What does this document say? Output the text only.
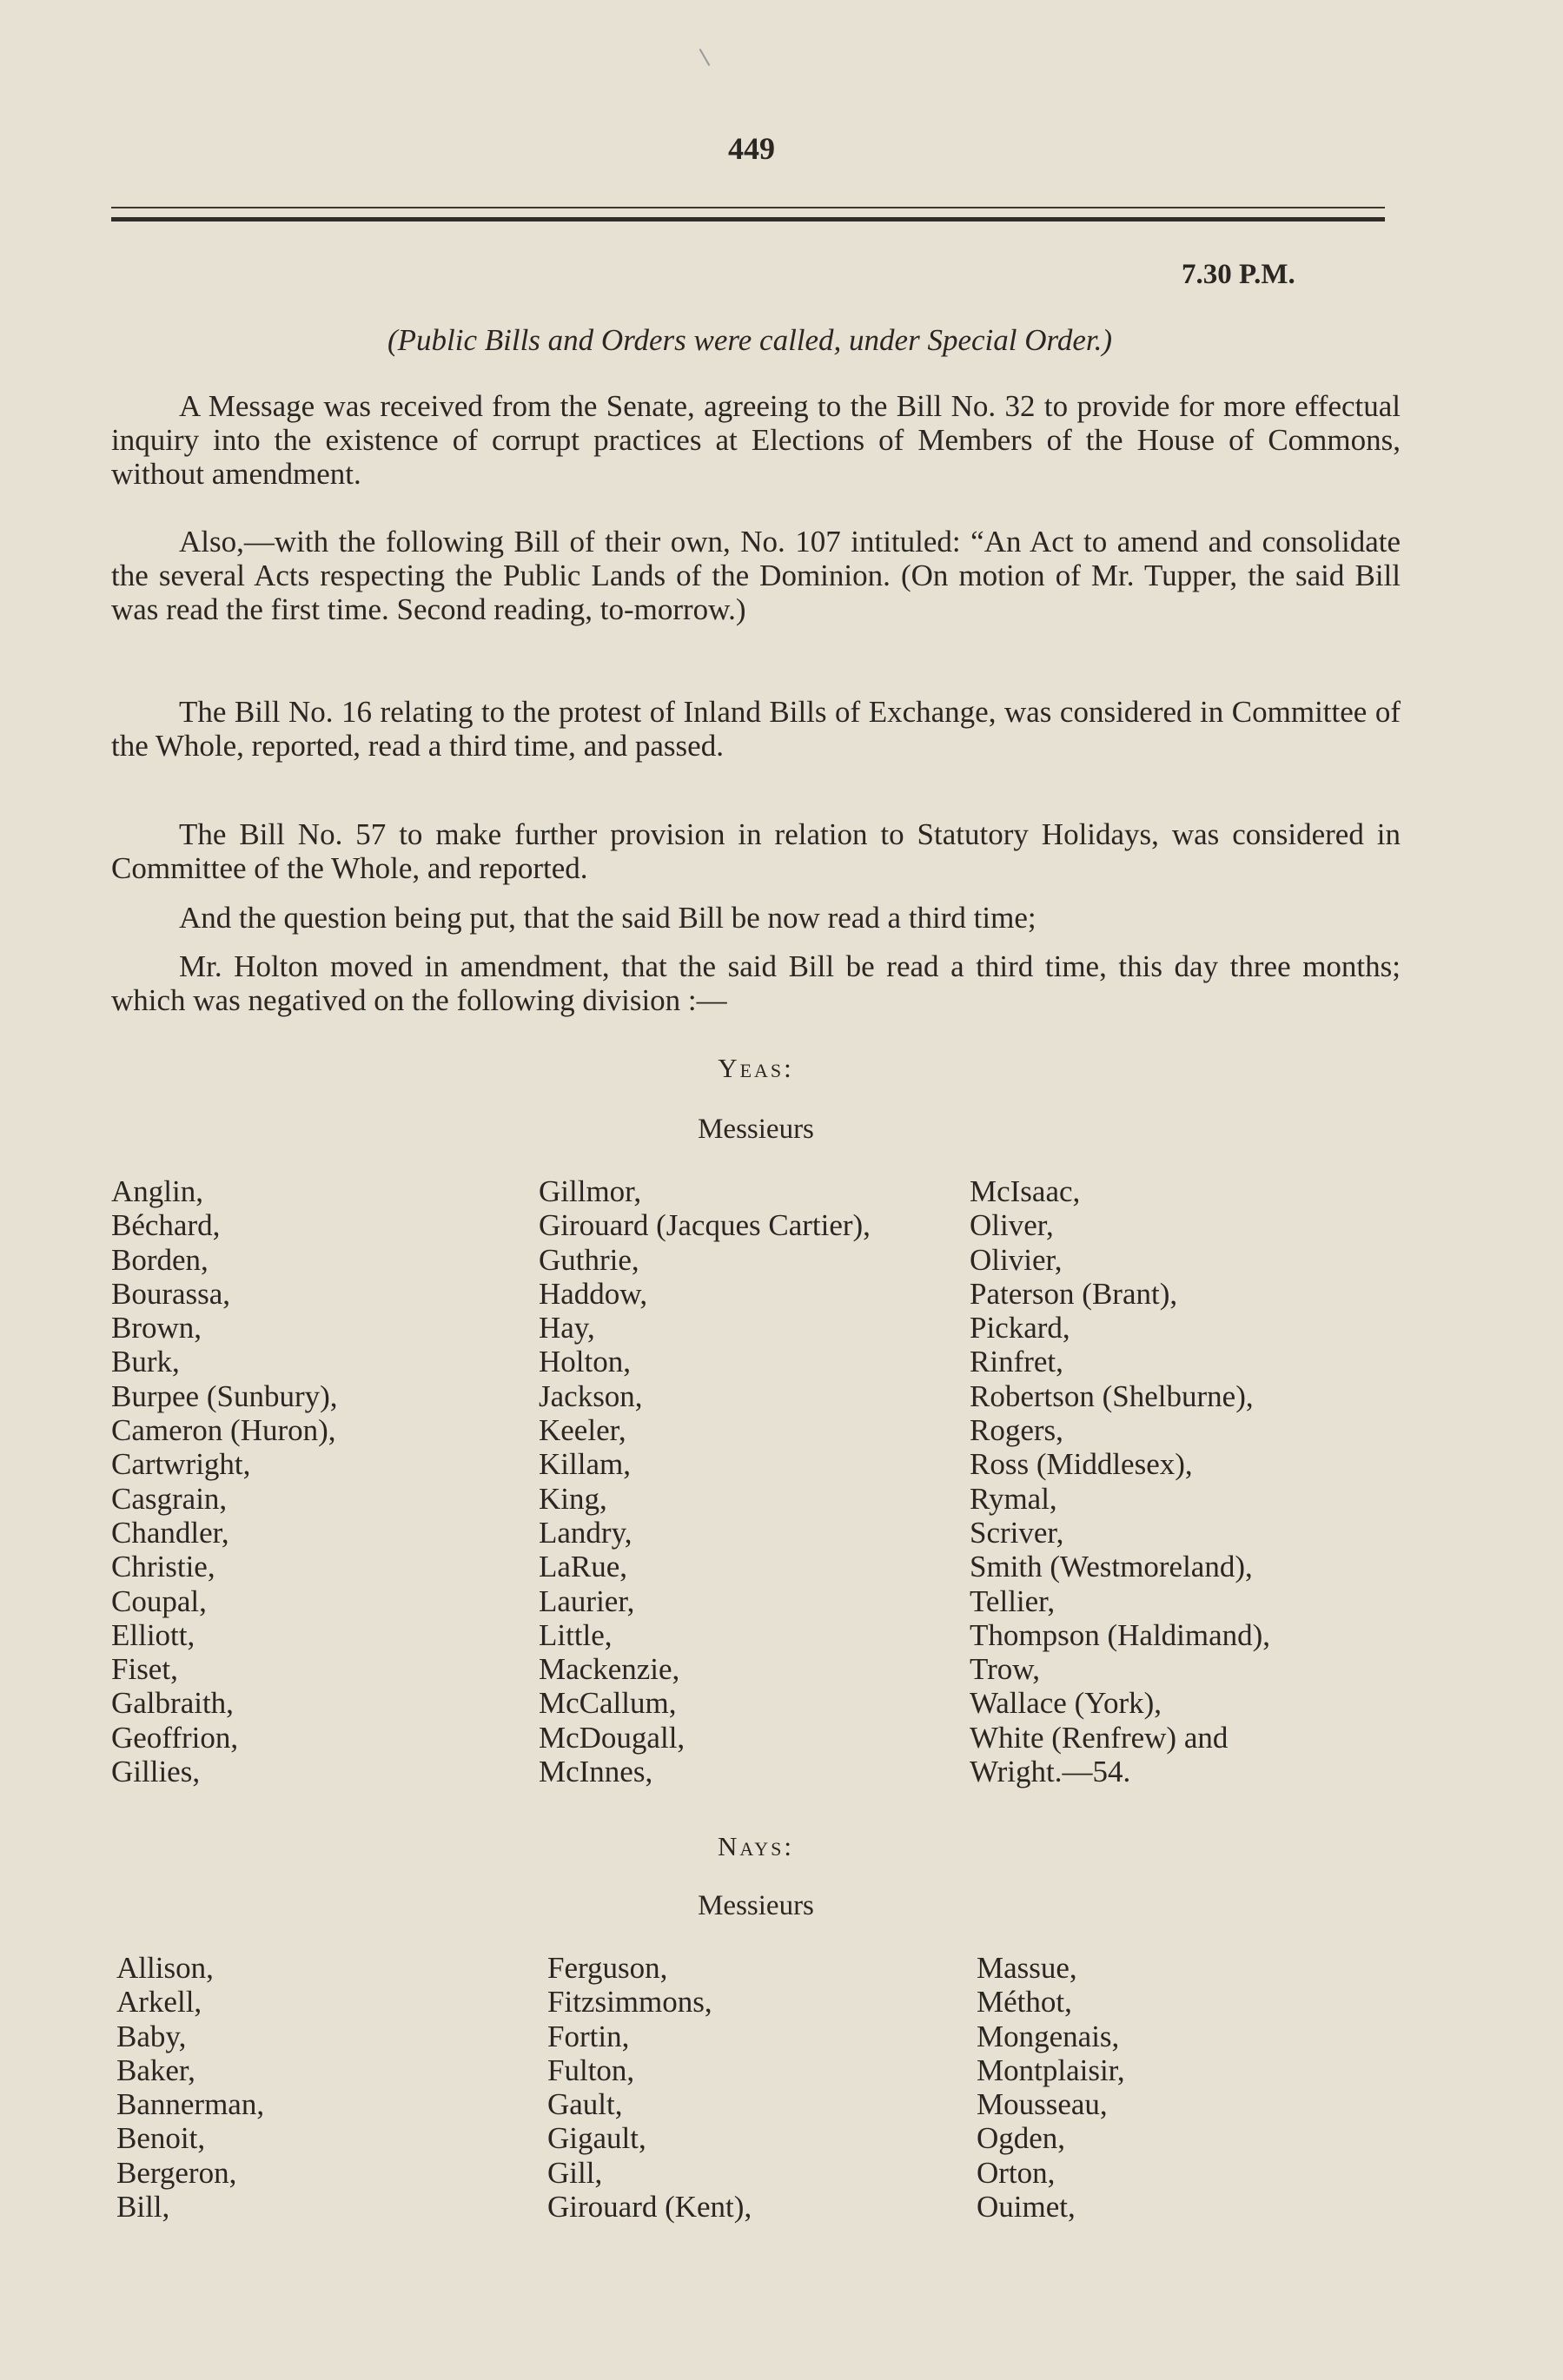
449
7.30 P.M.
(Public Bills and Orders were called, under Special Order.)

A Message was received from the Senate, agreeing to the Bill No. 32 to provide for more effectual inquiry into the existence of corrupt practices at Elections of Members of the House of Commons, without amendment.

Also,—with the following Bill of their own, No. 107 intituled: “An Act to amend and consolidate the several Acts respecting the Public Lands of the Dominion. (On motion of Mr. Tupper, the said Bill was read the first time. Second reading, to-morrow.)

The Bill No. 16 relating to the protest of Inland Bills of Exchange, was considered in Committee of the Whole, reported, read a third time, and passed.

The Bill No. 57 to make further provision in relation to Statutory Holidays, was considered in Committee of the Whole, and reported.

And the question being put, that the said Bill be now read a third time;

Mr. Holton moved in amendment, that the said Bill be read a third time, this day three months; which was negatived on the following division :—

Yeas:
Messieurs
Anglin,
Béchard,
Borden,
Bourassa,
Brown,
Burk,
Burpee (Sunbury),
Cameron (Huron),
Cartwright,
Casgrain,
Chandler,
Christie,
Coupal,
Elliott,
Fiset,
Galbraith,
Geoffrion,
Gillies,
Gillmor,
Girouard (Jacques Cartier),
Guthrie,
Haddow,
Hay,
Holton,
Jackson,
Keeler,
Killam,
King,
Landry,
LaRue,
Laurier,
Little,
Mackenzie,
McCallum,
McDougall,
McInnes,
McIsaac,
Oliver,
Olivier,
Paterson (Brant),
Pickard,
Rinfret,
Robertson (Shelburne),
Rogers,
Ross (Middlesex),
Rymal,
Scriver,
Smith (Westmoreland),
Tellier,
Thompson (Haldimand),
Trow,
Wallace (York),
White (Renfrew) and
Wright.—54.
Nays:
Messieurs
Allison,
Arkell,
Baby,
Baker,
Bannerman,
Benoit,
Bergeron,
Bill,
Ferguson,
Fitzsimmons,
Fortin,
Fulton,
Gault,
Gigault,
Gill,
Girouard (Kent),
Massue,
Méthot,
Mongenais,
Montplaisir,
Mousseau,
Ogden,
Orton,
Ouimet,
